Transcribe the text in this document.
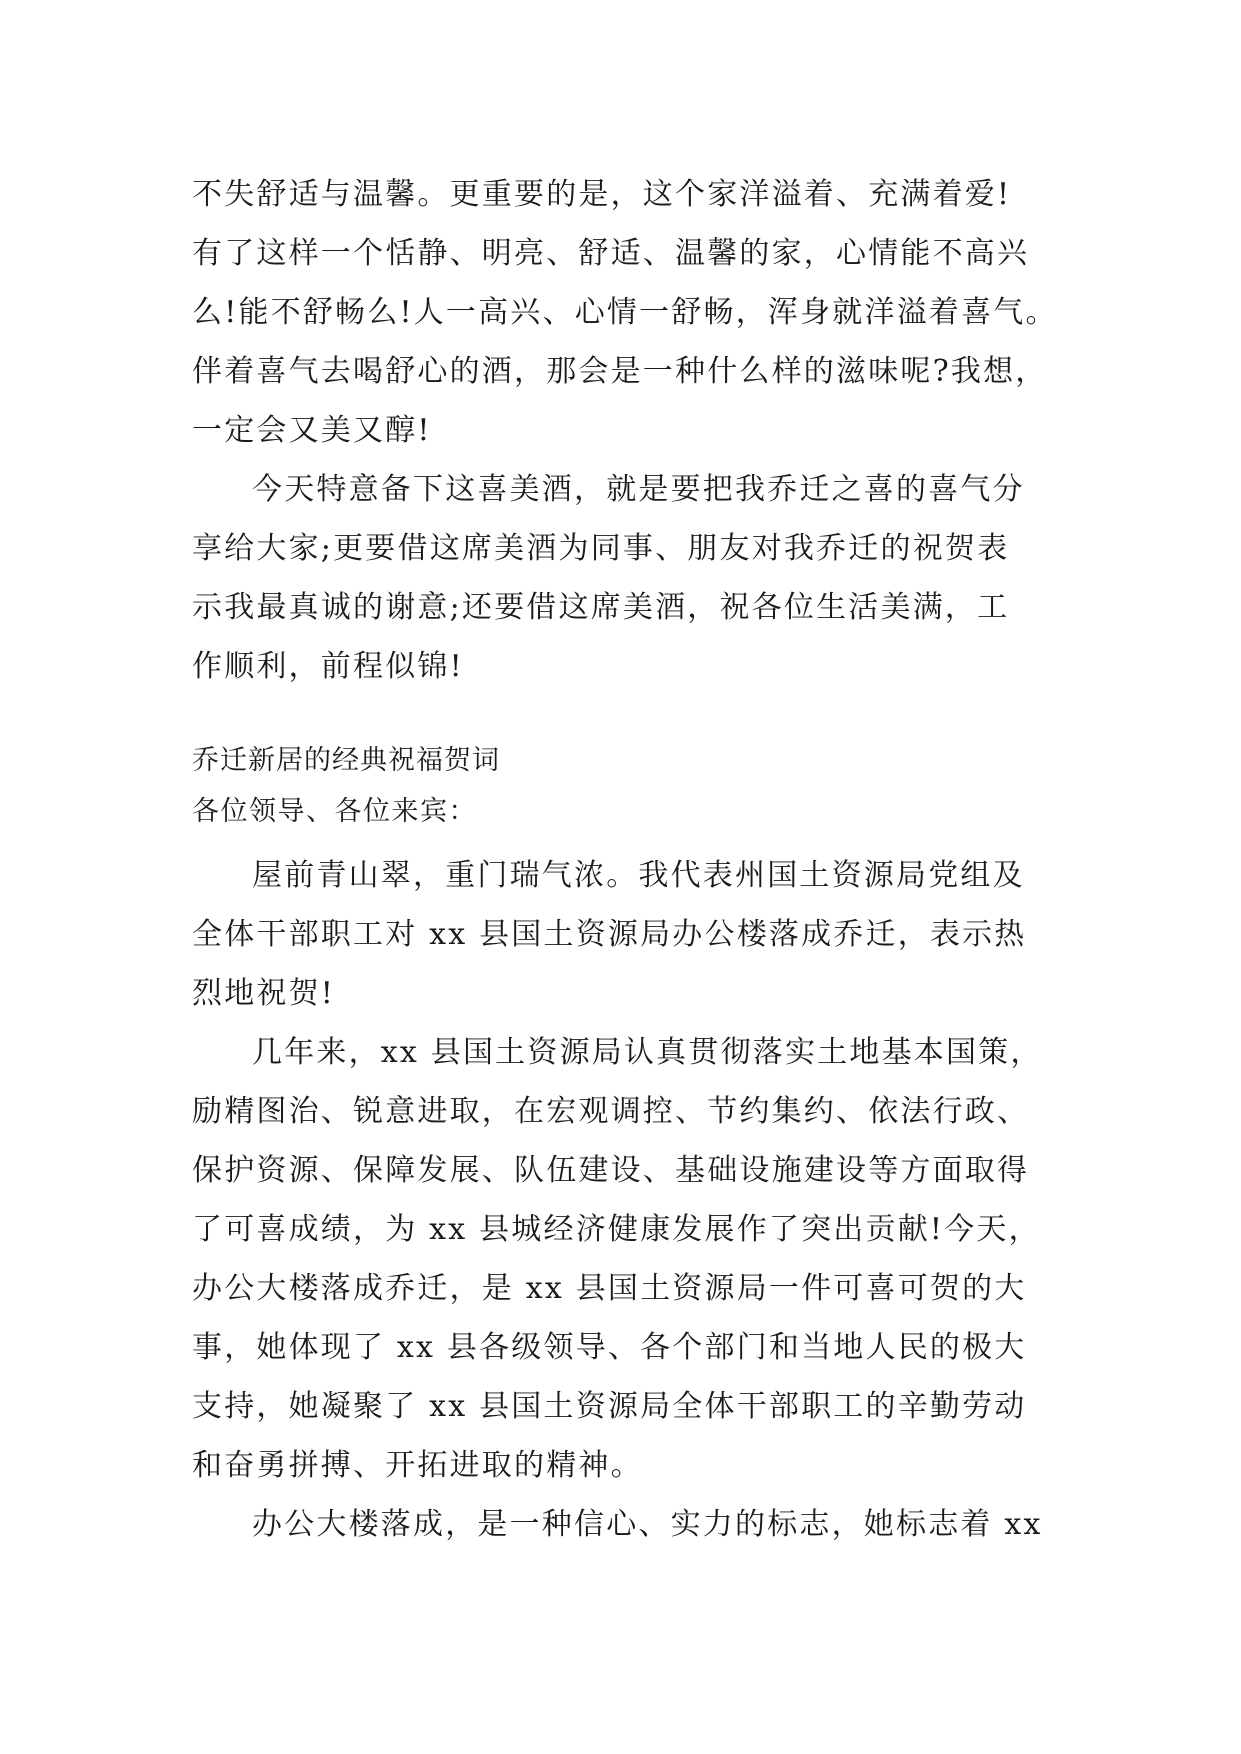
不失舒适与温馨。更重要的是，这个家洋溢着、充满着爱!
有了这样一个恬静、明亮、舒适、温馨的家，心情能不高兴
么!能不舒畅么!人一高兴、心情一舒畅，浑身就洋溢着喜气。
伴着喜气去喝舒心的酒，那会是一种什么样的滋味呢?我想，
一定会又美又醇!
今天特意备下这喜美酒，就是要把我乔迁之喜的喜气分
享给大家;更要借这席美酒为同事、朋友对我乔迁的祝贺表
示我最真诚的谢意;还要借这席美酒，祝各位生活美满，工
作顺利，前程似锦!
乔迁新居的经典祝福贺词
各位领导、各位来宾：
屋前青山翠，重门瑞气浓。我代表州国土资源局党组及
全体干部职工对 xx 县国土资源局办公楼落成乔迁，表示热
烈地祝贺!
几年来，xx 县国土资源局认真贯彻落实土地基本国策，
励精图治、锐意进取，在宏观调控、节约集约、依法行政、
保护资源、保障发展、队伍建设、基础设施建设等方面取得
了可喜成绩，为 xx 县城经济健康发展作了突出贡献!今天，
办公大楼落成乔迁，是 xx 县国土资源局一件可喜可贺的大
事，她体现了 xx 县各级领导、各个部门和当地人民的极大
支持，她凝聚了 xx 县国土资源局全体干部职工的辛勤劳动
和奋勇拼搏、开拓进取的精神。
办公大楼落成，是一种信心、实力的标志，她标志着 xx
